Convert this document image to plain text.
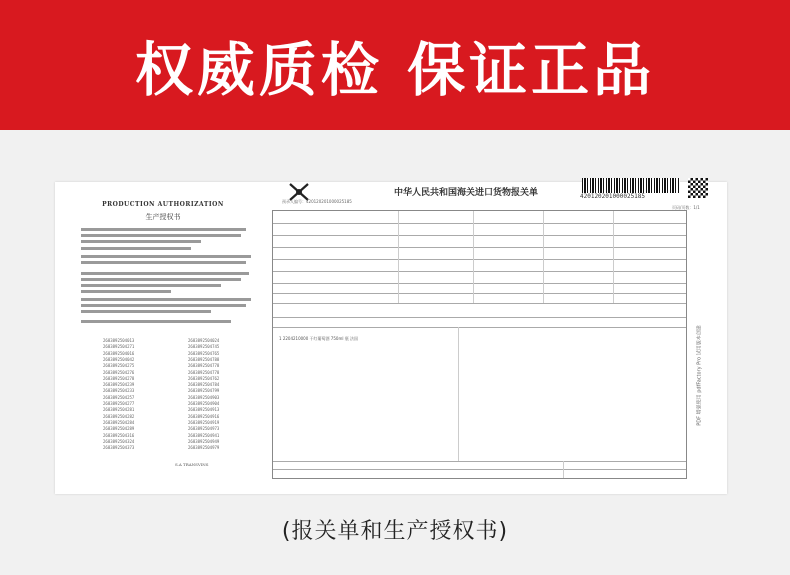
权威质检 保证正品
PRODUCTION AUTHORIZATION
生产授权书
2683892504013	2683892504024
2683892504271	2683892504745
2683892504016	2683892504765
2683892504042	2683892504788
2683892504275	2683892504778
2683892504276	2683892504778
2683892504278	2683892504762
2683892504239	2683892504784
2683892504233	2683892504799
2683892504257	2683892504903
2683892504277	2683892504904
2683892504281	2683892504913
2683892504282	2683892504916
2683892504284	2683892504919
2683892504289	2683892504973
2683892504316	2683892504941
2683892504324	2683892504949
2683892504373	2683892504979
S.A TRANSVINS
中华人民共和国海关进口货物报关单	420120201000025185
预录入编号：420120201000025185
页码/页数：1/1
1 2204210000 干红葡萄酒 750ml 瓶 法国	PDF 增强使用 pdfFactory Pro 试用版本创建
(报关单和生产授权书)
